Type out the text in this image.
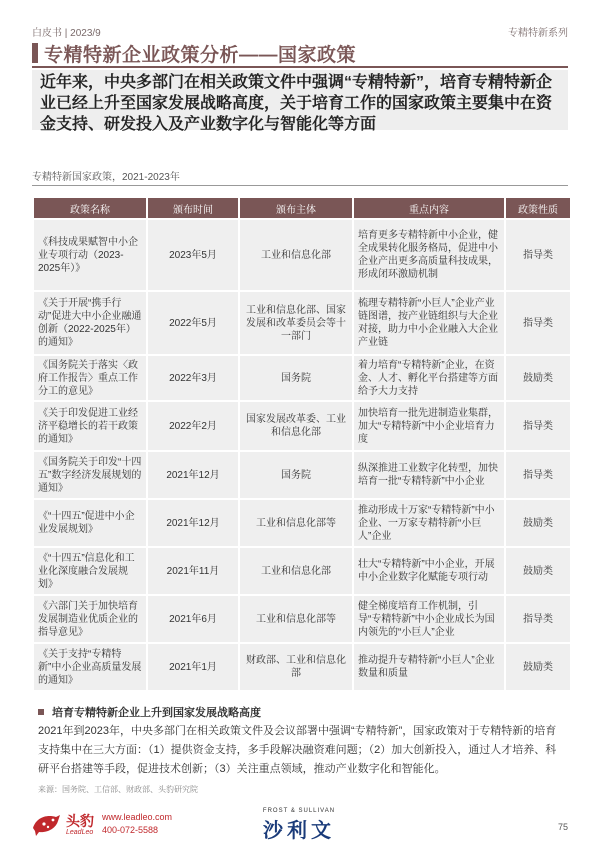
白皮书 | 2023/9	专精特新系列
专精特新企业政策分析——国家政策
近年来，中央多部门在相关政策文件中强调“专精特新”，培育专精特新企业已经上升至国家发展战略高度，关于培育工作的国家政策主要集中在资金支持、研发投入及产业数字化与智能化等方面
专精特新国家政策，2021-2023年
政策名称	颁布时间	颁布主体	重点内容	政策性质
《科技成果赋智中小企业专项行动（2023-2025年）》	2023年5月	工业和信息化部	培育更多专精特新中小企业，健全成果转化服务格局，促进中小企业产出更多高质量科技成果，形成闭环激励机制	指导类
《关于开展“携手行动”促进大中小企业融通创新（2022-2025年）的通知》	2022年5月	工业和信息化部、国家发展和改革委员会等十一部门	梳理专精特新“小巨人”企业产业链图谱，按产业链组织与大企业对接，助力中小企业融入大企业产业链	指导类
《国务院关于落实〈政府工作报告〉重点工作分工的意见》	2022年3月	国务院	着力培育“专精特新”企业，在资金、人才、孵化平台搭建等方面给予大力支持	鼓励类
《关于印发促进工业经济平稳增长的若干政策的通知》	2022年2月	国家发展改革委、工业和信息化部	加快培育一批先进制造业集群，加大“专精特新”中小企业培育力度	指导类
《国务院关于印发“十四五”数字经济发展规划的通知》	2021年12月	国务院	纵深推进工业数字化转型，加快培育一批“专精特新”中小企业	指导类
《“十四五”促进中小企业发展规划》	2021年12月	工业和信息化部等	推动形成十万家“专精特新”中小企业、一万家专精特新“小巨人”企业	鼓励类
《“十四五”信息化和工业化深度融合发展规划》	2021年11月	工业和信息化部	壮大“专精特新”中小企业，开展中小企业数字化赋能专项行动	鼓励类
《六部门关于加快培育发展制造业优质企业的指导意见》	2021年6月	工业和信息化部等	健全梯度培育工作机制，引导“专精特新”中小企业成长为国内领先的“小巨人”企业	指导类
《关于支持“专精特新”中小企业高质量发展的通知》	2021年1月	财政部、工业和信息化部	推动提升专精特新“小巨人”企业数量和质量	鼓励类
培育专精特新企业上升到国家发展战略高度
2021年到2023年，中央多部门在相关政策文件及会议部署中强调“专精特新”，国家政策对于专精特新的培育支持集中在三大方面：（1）提供资金支持，多手段解决融资难问题；（2）加大创新投入，通过人才培养、科研平台搭建等手段，促进技术创新；（3）关注重点领域，推动产业数字化和智能化。
来源：国务院、工信部、财政部、头豹研究院
头豹
LeadLeo
www.leadleo.com
400-072-5588
FROST & SULLIVAN
沙利文	75
